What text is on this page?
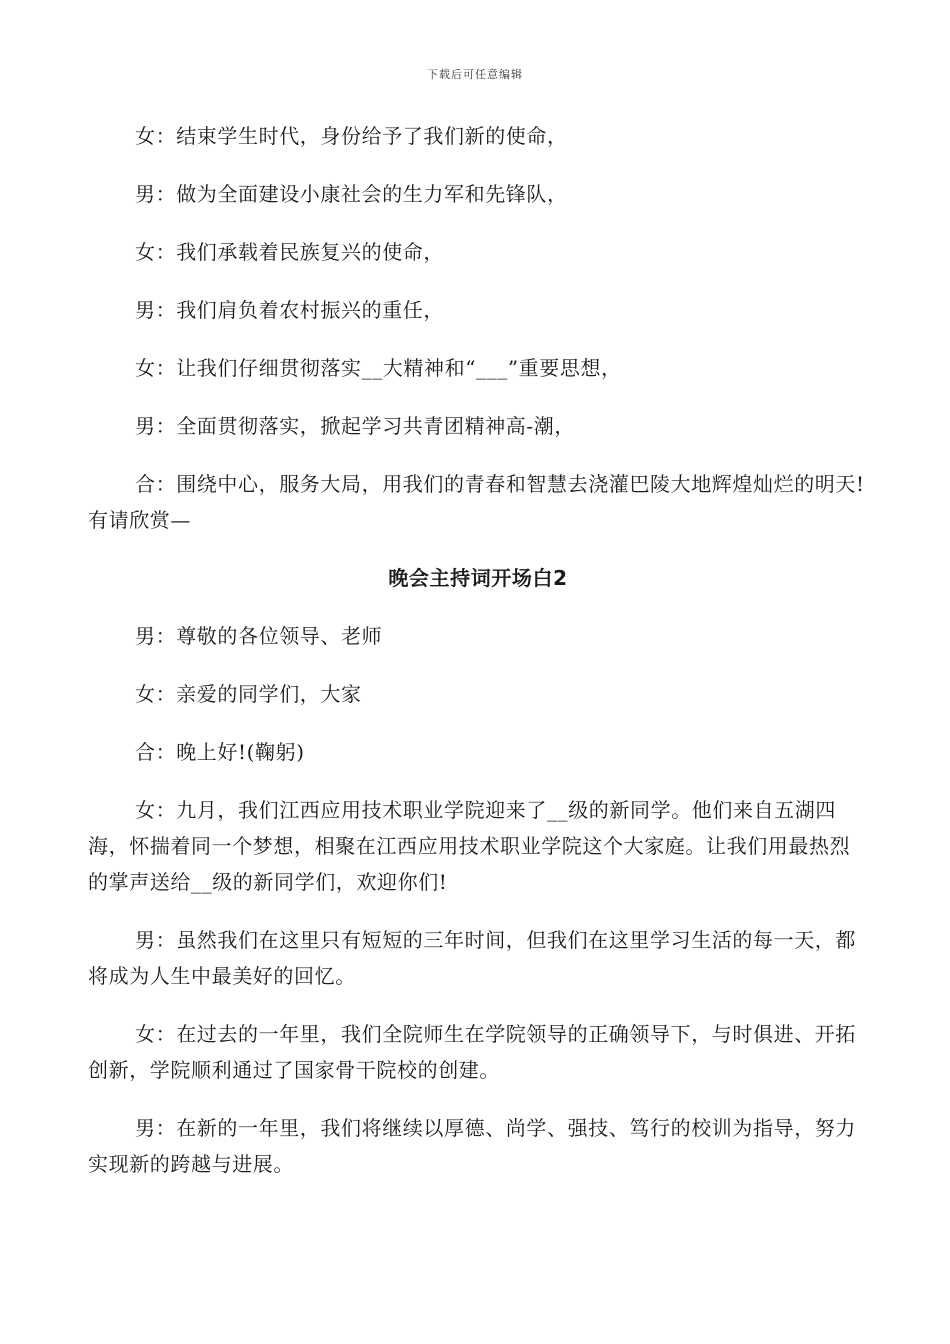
下载后可任意编辑

女：结束学生时代，身份给予了我们新的使命，

男：做为全面建设小康社会的生力军和先锋队，

女：我们承载着民族复兴的使命，

男：我们肩负着农村振兴的重任，

女：让我们仔细贯彻落实__大精神和“___”重要思想，

男：全面贯彻落实，掀起学习共青团精神高-潮，

合：围绕中心，服务大局，用我们的青春和智慧去浇灌巴陵大地辉煌灿烂的明天!有请欣赏—

晚会主持词开场白2

男：尊敬的各位领导、老师

女：亲爱的同学们，大家

合：晚上好!(鞠躬)

女：九月，我们江西应用技术职业学院迎来了__级的新同学。他们来自五湖四海，怀揣着同一个梦想，相聚在江西应用技术职业学院这个大家庭。让我们用最热烈的掌声送给__级的新同学们，欢迎你们!

男：虽然我们在这里只有短短的三年时间，但我们在这里学习生活的每一天，都将成为人生中最美好的回忆。

女：在过去的一年里，我们全院师生在学院领导的正确领导下，与时俱进、开拓创新，学院顺利通过了国家骨干院校的创建。

男：在新的一年里，我们将继续以厚德、尚学、强技、笃行的校训为指导，努力实现新的跨越与进展。
